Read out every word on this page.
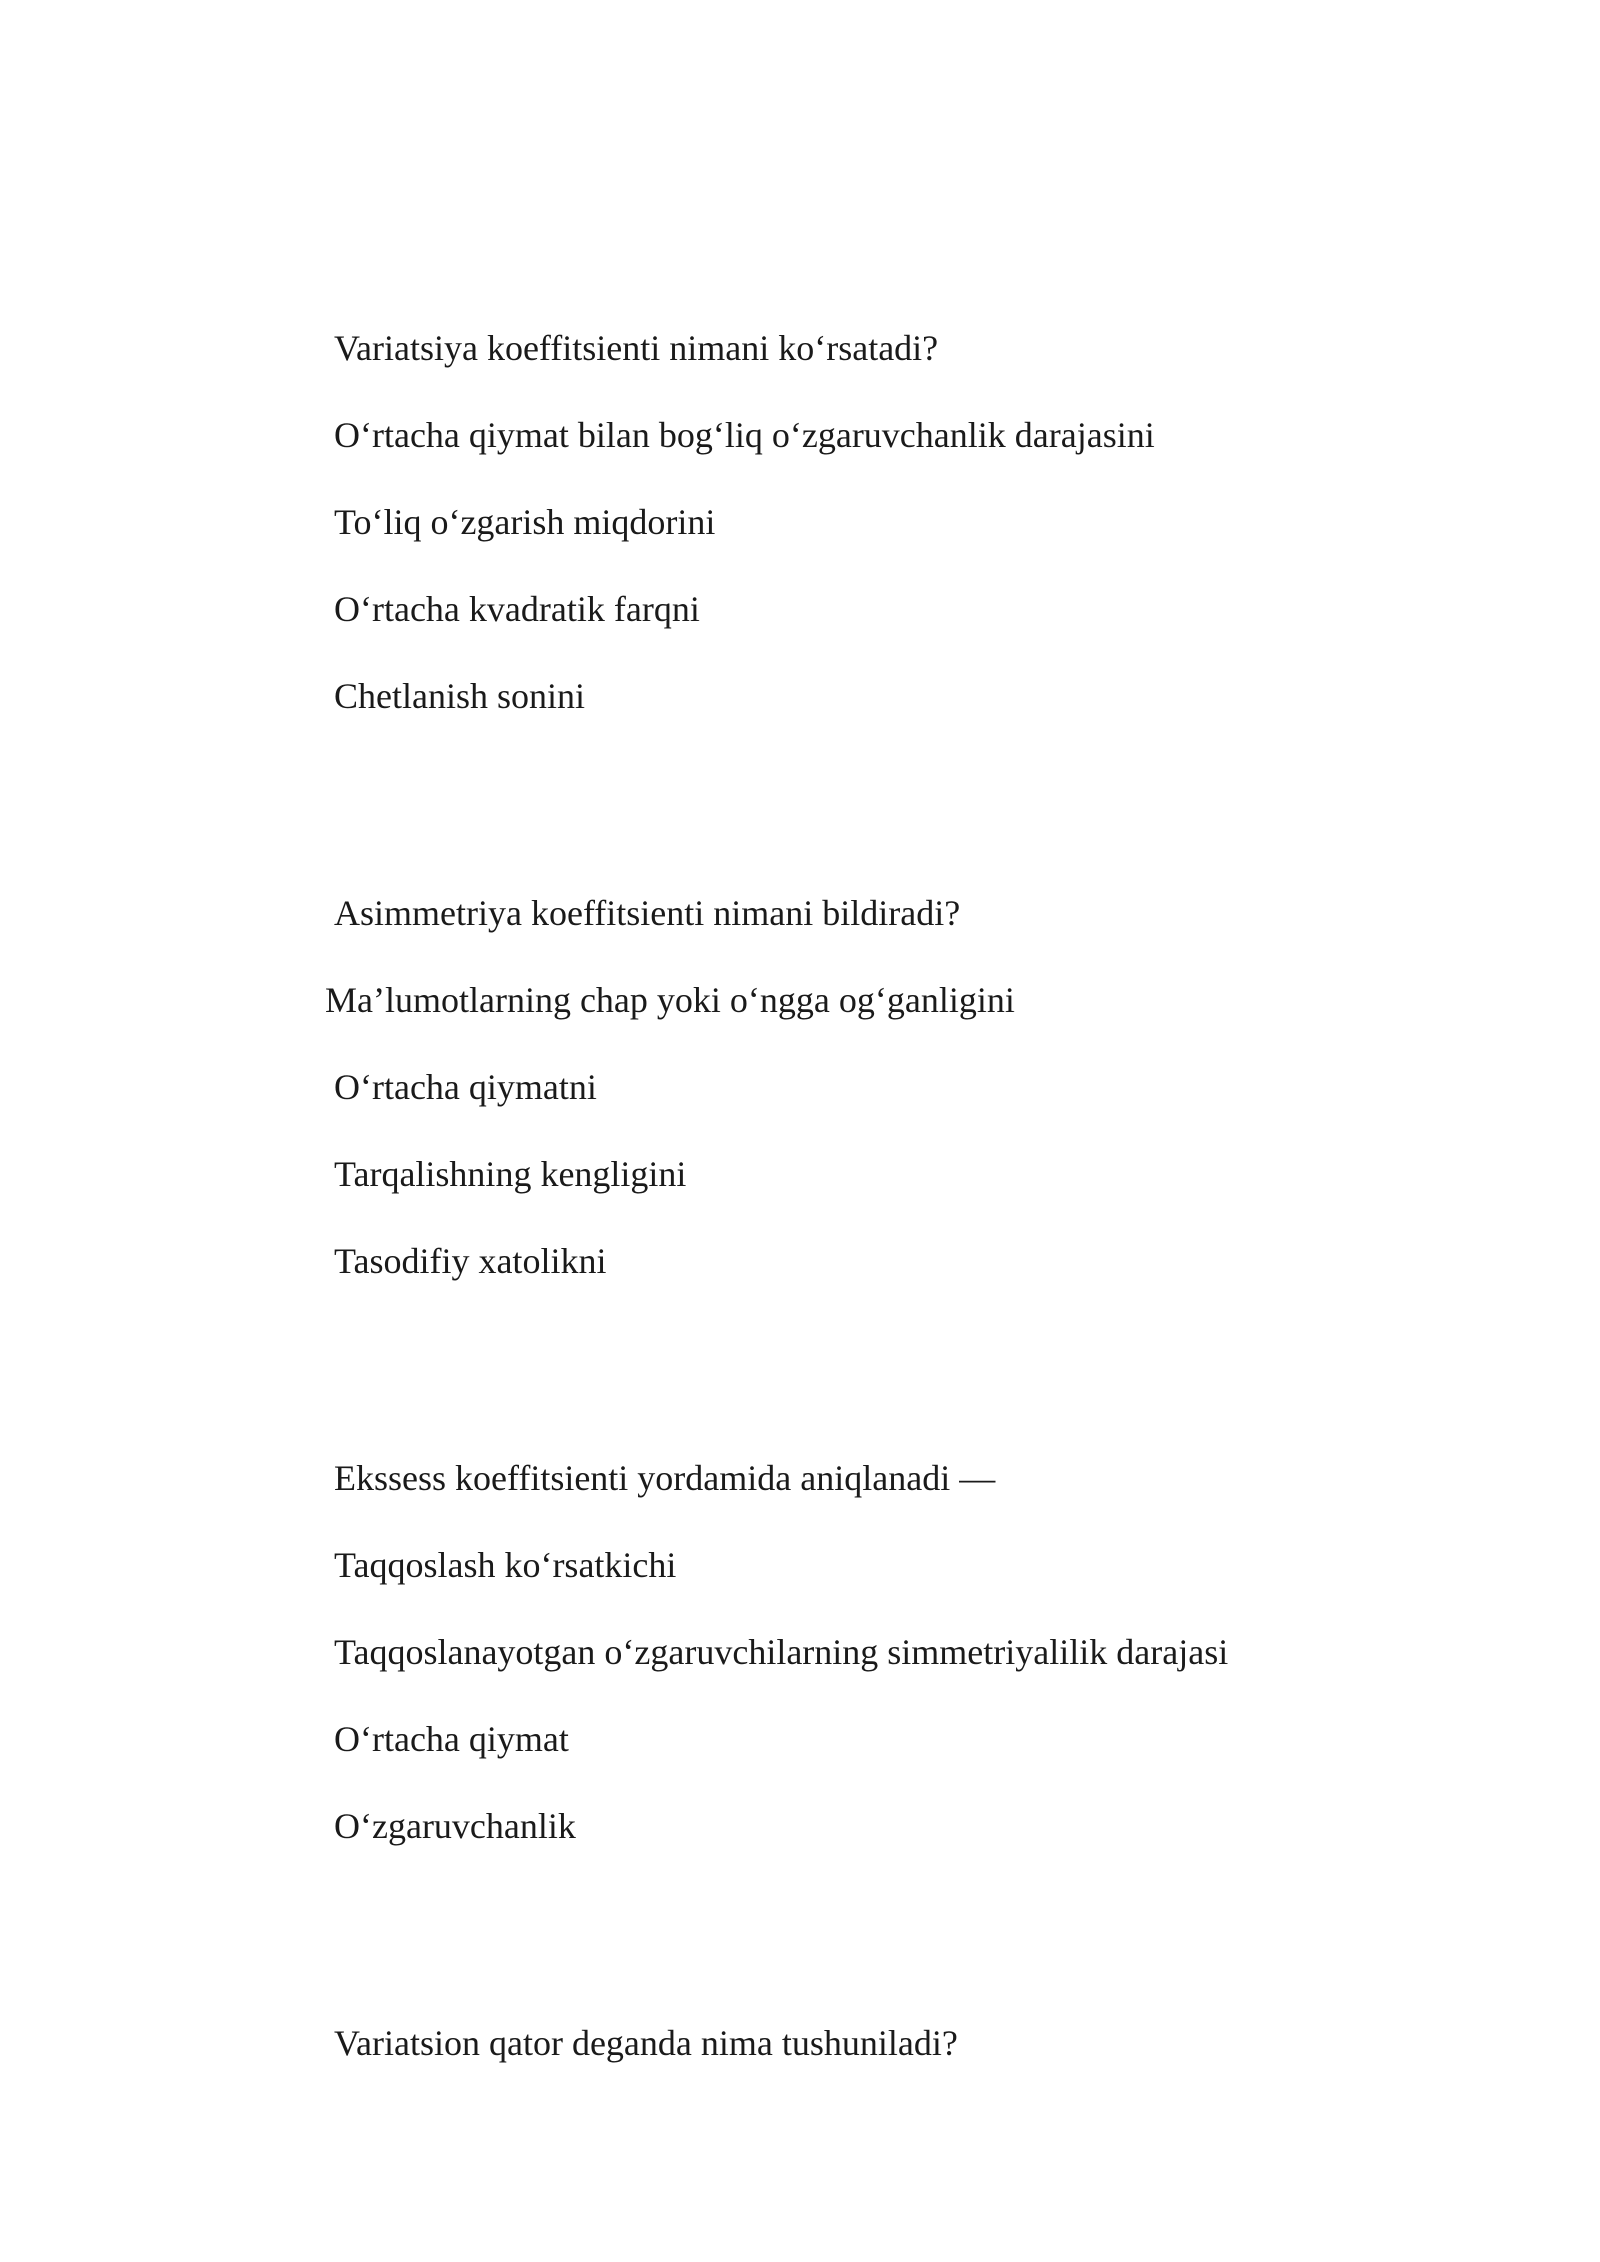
Variatsiya koeffitsienti nimani ko‘rsatadi?
O‘rtacha qiymat bilan bog‘liq o‘zgaruvchanlik darajasini
To‘liq o‘zgarish miqdorini
O‘rtacha kvadratik farqni
Chetlanish sonini
Asimmetriya koeffitsienti nimani bildiradi?
Ma’lumotlarning chap yoki o‘ngga og‘ganligini
O‘rtacha qiymatni
Tarqalishning kengligini
Tasodifiy xatolikni
Ekssess koeffitsienti yordamida aniqlanadi —
Taqqoslash ko‘rsatkichi
Taqqoslanayotgan o‘zgaruvchilarning simmetriyalilik darajasi
O‘rtacha qiymat
O‘zgaruvchanlik
Variatsion qator deganda nima tushuniladi?
